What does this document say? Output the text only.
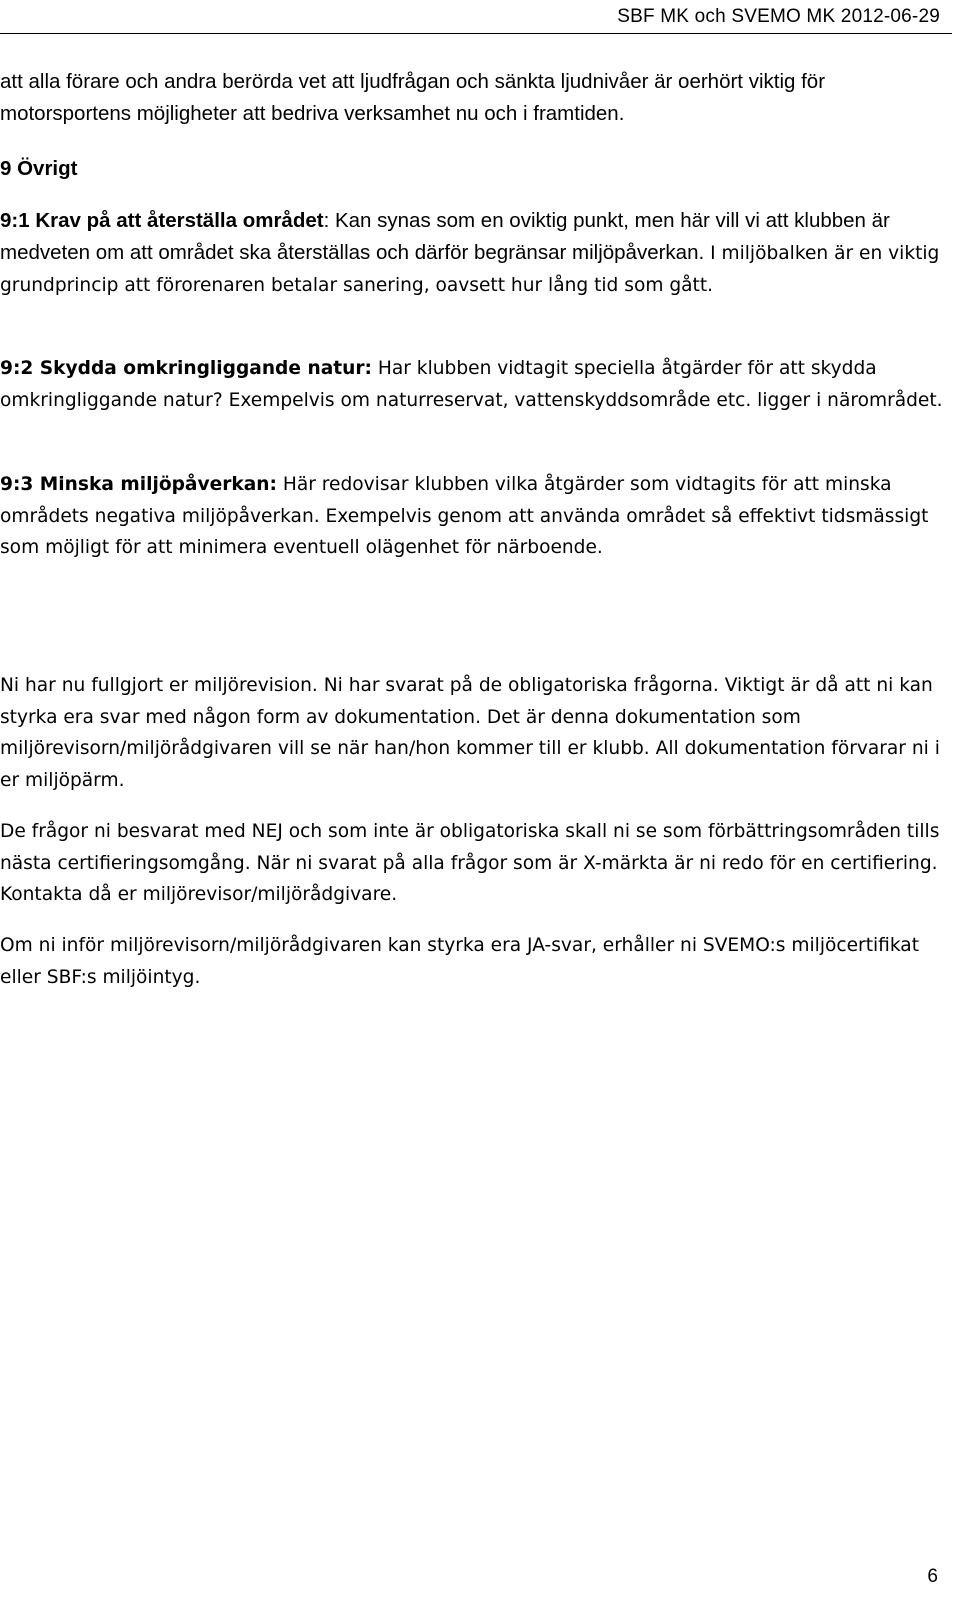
SBF MK och SVEMO MK 2012-06-29

att alla förare och andra berörda vet att ljudfrågan och sänkta ljudnivåer är oerhört viktig för motorsportens möjligheter att bedriva verksamhet nu och i framtiden.

9 Övrigt

9:1 Krav på att återställa området: Kan synas som en oviktig punkt, men här vill vi att klubben är medveten om att området ska återställas och därför begränsar miljöpåverkan. I miljöbalken är en viktig grundprincip att förorenaren betalar sanering, oavsett hur lång tid som gått.
9:2 Skydda omkringliggande natur: Har klubben vidtagit speciella åtgärder för att skydda omkringliggande natur? Exempelvis om naturreservat, vattenskyddsområde etc. ligger i närområdet.
9:3 Minska miljöpåverkan: Här redovisar klubben vilka åtgärder som vidtagits för att minska områdets negativa miljöpåverkan. Exempelvis genom att använda området så effektivt tidsmässigt som möjligt för att minimera eventuell olägenhet för närboende.

Ni har nu fullgjort er miljörevision. Ni har svarat på de obligatoriska frågorna. Viktigt är då att ni kan styrka era svar med någon form av dokumentation. Det är denna dokumentation som miljörevisorn/miljörådgivaren vill se när han/hon kommer till er klubb. All dokumentation förvarar ni i er miljöpärm.

De frågor ni besvarat med NEJ och som inte är obligatoriska skall ni se som förbättringsområden tills nästa certifieringsomgång. När ni svarat på alla frågor som är X-märkta är ni redo för en certifiering. Kontakta då er miljörevisor/miljörådgivare.

Om ni inför miljörevisorn/miljörådgivaren kan styrka era JA-svar, erhåller ni SVEMO:s miljöcertifikat eller SBF:s miljöintyg.

6
